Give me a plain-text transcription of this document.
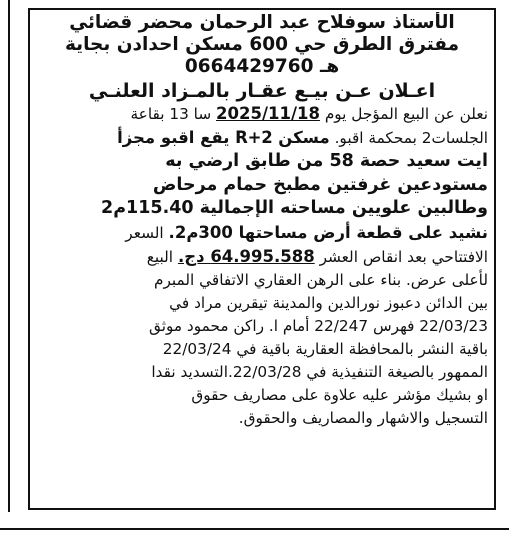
الأستاذ سوفلاح عبد الرحمان محضر قضائي
مفترق الطرق حي 600 مسكن احدادن بجاية
هـ 0664429760
اعـلان عـن بيـع عقـار بالمـزاد العلنـي
نعلن عن البيع المؤجل يوم 2025/11/18 سا 13 بقاعة
الجلسات2 بمحكمة اقبو. مسكن R+2 يقع اقبو مجزأ
ايت سعيد حصة 58 من طابق ارضي به
مستودعين غرفتين مطبخ حمام مرحاض
وطالبين علويين مساحته الإجمالية 115.40م2
نشيد على قطعة أرض مساحتها 300م2. السعر
الافتتاحي بعد انقاص العشر 64.995.588 دج. البيع
لأعلى عرض. بناء على الرهن العقاري الاتفاقي المبرم
بين الدائن دعبوز نورالدين والمدينة تيقرين مراد في
22/03/23 فهرس 22/247 أمام ا. راكن محمود موثق
باقية النشر بالمحافظة العقارية باقية في 22/03/24
الممهور بالصيغة التنفيذية في 22/03/28.التسديد نقدا
او بشيك مؤشر عليه علاوة على مصاريف حقوق
التسجيل والاشهار والمصاريف والحقوق.
